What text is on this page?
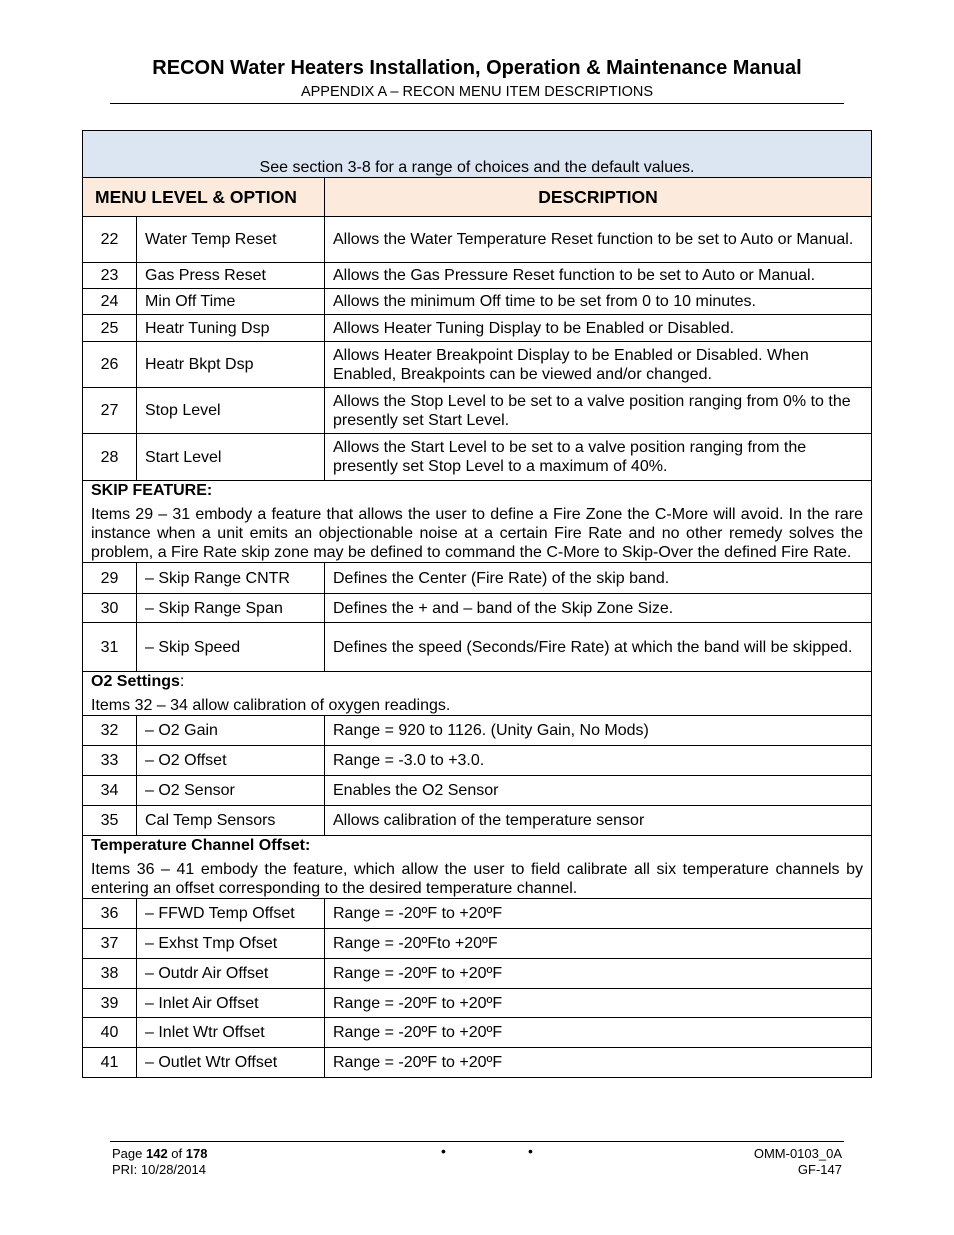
RECON Water Heaters Installation, Operation & Maintenance Manual
APPENDIX A – RECON MENU ITEM DESCRIPTIONS
See section 3-8 for a range of choices and the default values.		
MENU LEVEL & OPTION		DESCRIPTION
22	Water Temp Reset	Allows the Water Temperature Reset function to be set to Auto or Manual.
23	Gas Press Reset	Allows the Gas Pressure Reset function to be set to Auto or Manual.
24	Min Off Time	Allows the minimum Off time to be set from 0 to 10 minutes.
25	Heatr Tuning Dsp	Allows Heater Tuning Display to be Enabled or Disabled.
26	Heatr Bkpt Dsp	Allows Heater Breakpoint Display to be Enabled or Disabled. When Enabled, Breakpoints can be viewed and/or changed.
27	Stop Level	Allows the Stop Level to be set to a valve position ranging from 0% to the presently set Start Level.
28	Start Level	Allows the Start Level to be set to a valve position ranging from the presently set Stop Level to a maximum of 40%.

SKIP FEATURE:
Items 29 – 31 embody a feature that allows the user to define a Fire Zone the C-More will avoid. In the rare instance when a unit emits an objectionable noise at a certain Fire Rate and no other remedy solves the problem, a Fire Rate skip zone may be defined to command the C-More to Skip-Over the defined Fire Rate.		

29	– Skip Range CNTR	Defines the Center (Fire Rate) of the skip band.
30	– Skip Range Span	Defines the + and – band of the Skip Zone Size.
31	– Skip Speed	Defines the speed (Seconds/Fire Rate) at which the band will be skipped.

O2 Settings:
Items 32 – 34 allow calibration of oxygen readings.		

32	– O2 Gain	Range = 920 to 1126. (Unity Gain, No Mods)
33	– O2 Offset	Range = -3.0 to +3.0.
34	– O2 Sensor	Enables the O2 Sensor
35	Cal Temp Sensors	Allows calibration of the temperature sensor

Temperature Channel Offset:
Items 36 – 41 embody the feature, which allow the user to field calibrate all six temperature channels by entering an offset corresponding to the desired temperature channel.		

36	– FFWD Temp Offset	Range = -20ºF to +20ºF
37	– Exhst Tmp Ofset	Range = -20ºFto +20ºF
38	– Outdr Air Offset	Range = -20ºF to +20ºF
39	– Inlet Air Offset	Range = -20ºF to +20ºF
40	– Inlet Wtr Offset	Range = -20ºF to +20ºF
41	– Outlet Wtr Offset	Range = -20ºF to +20ºF
Page 142 of 178
PRI: 10/28/2014
•	•	OMM-0103_0A
GF-147
